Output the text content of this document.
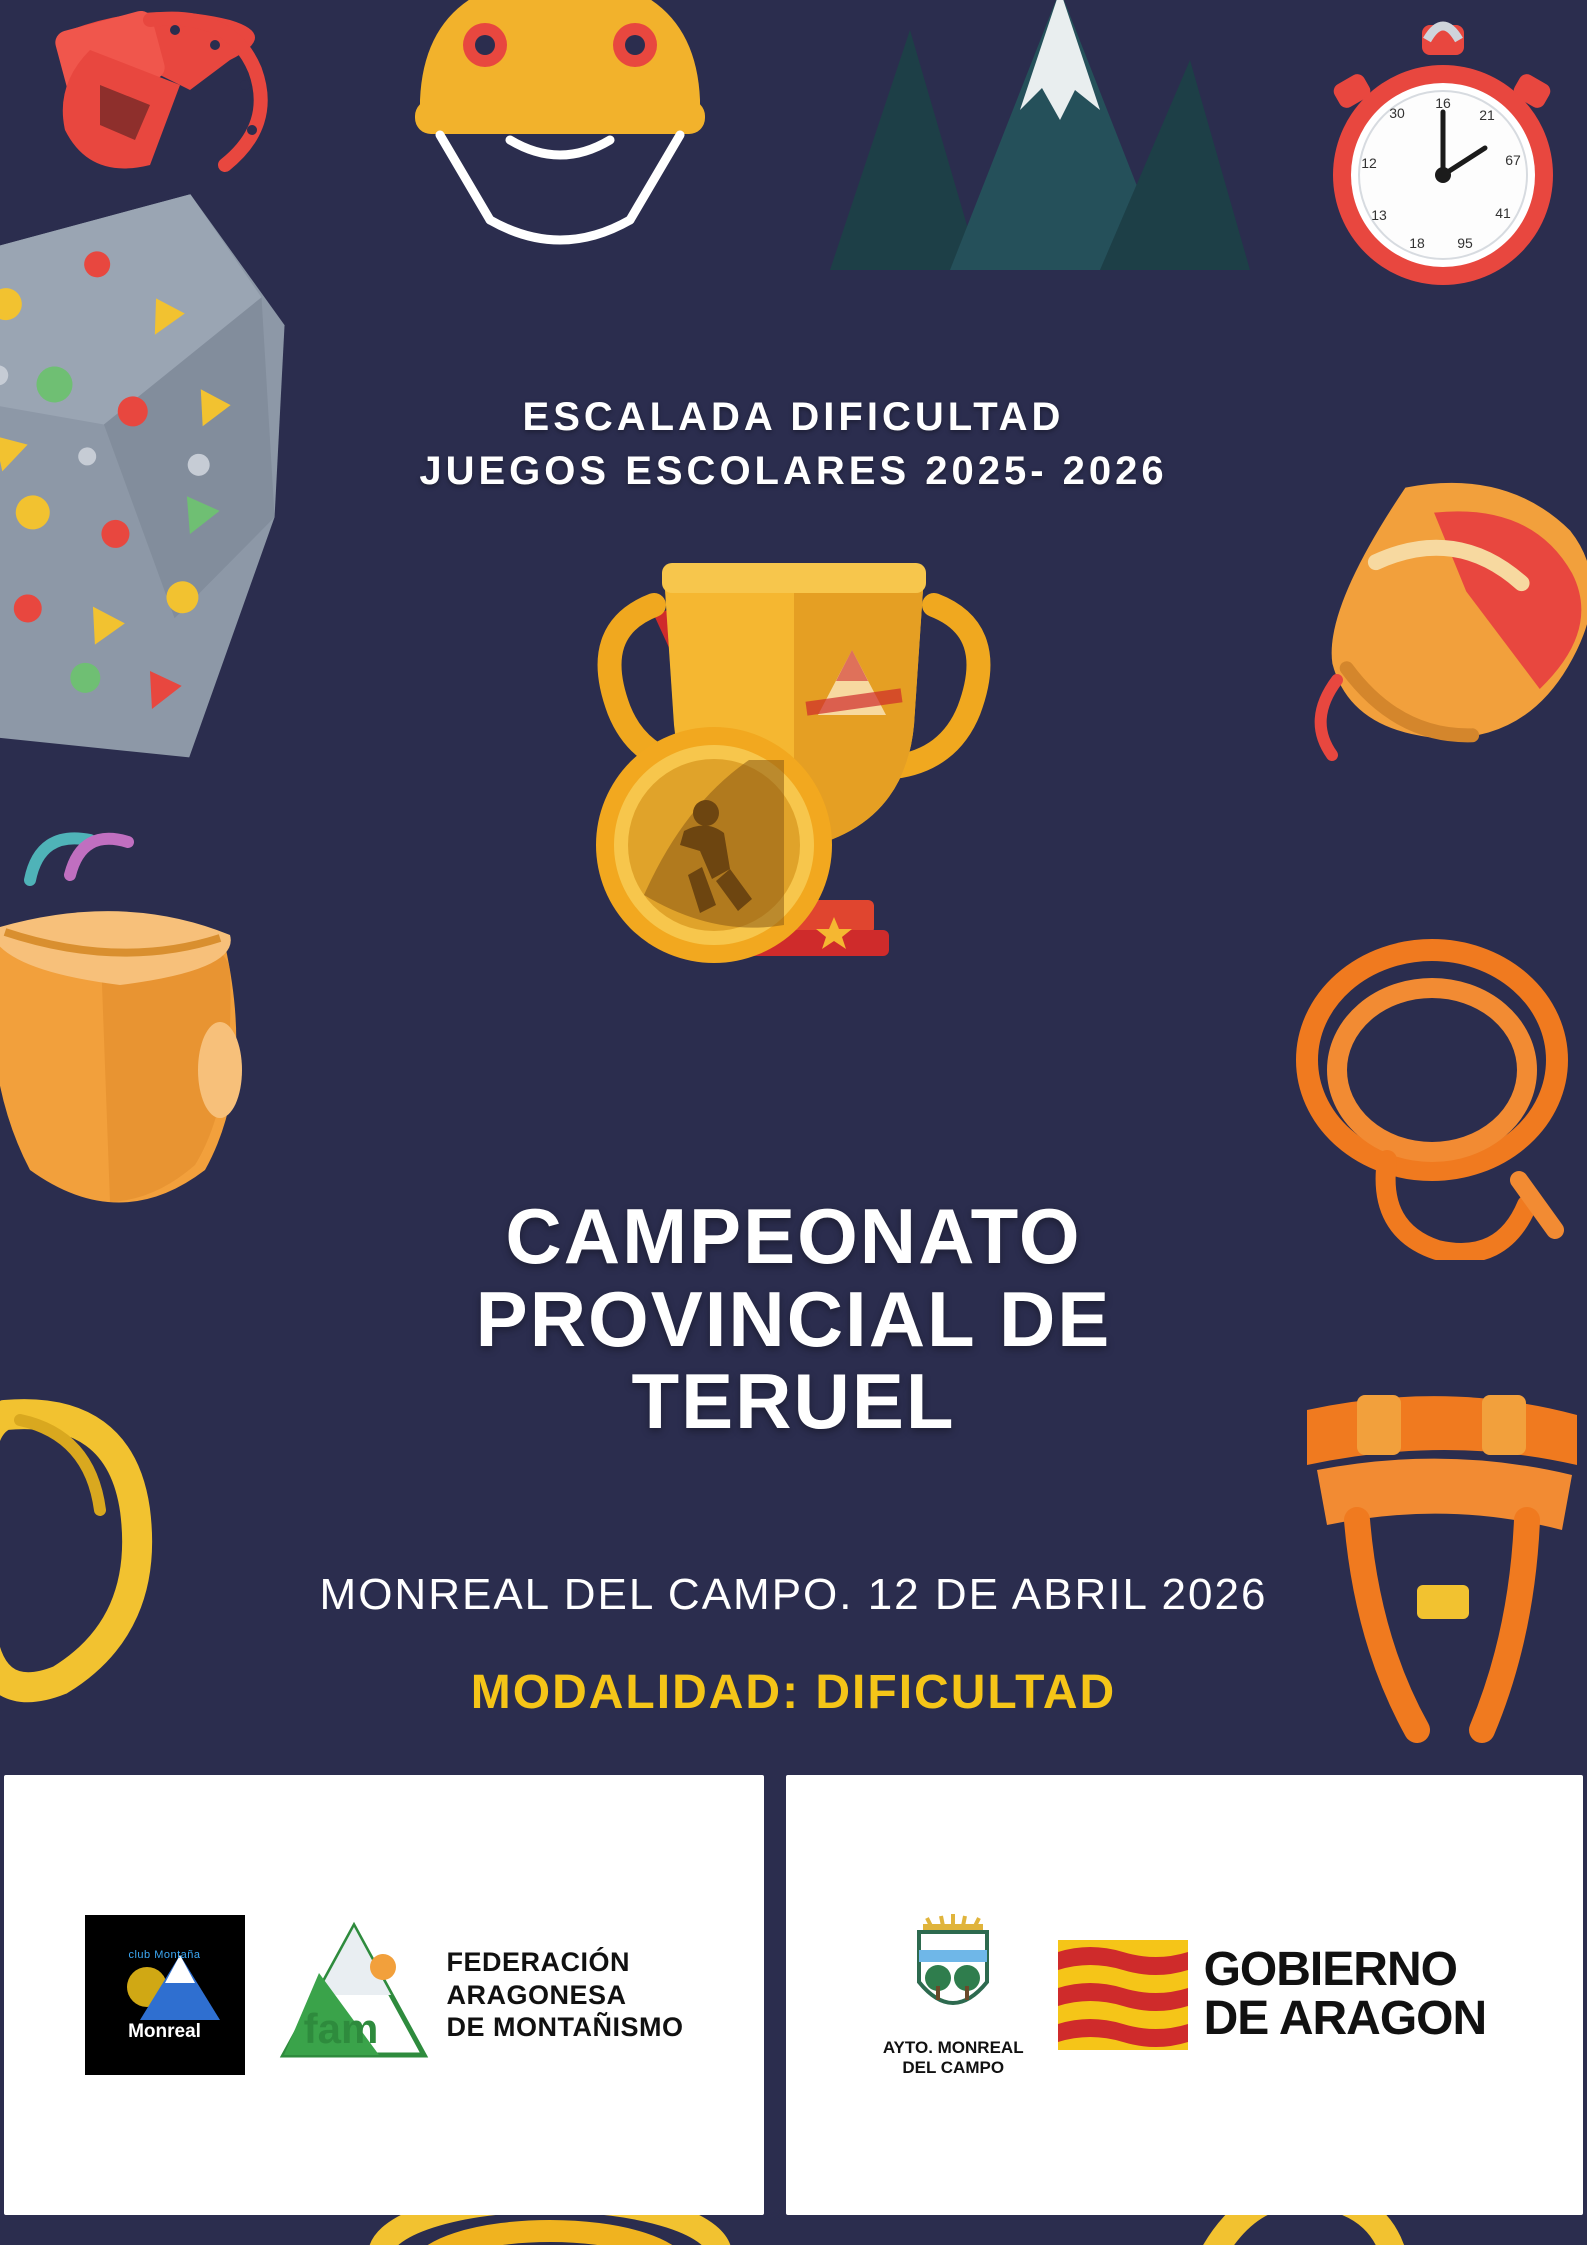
16
21
67
41
95
18
13
12
30
ESCALADA DIFICULTAD
JUEGOS ESCOLARES 2025- 2026
CAMPEONATO
PROVINCIAL DE
TERUEL
MONREAL DEL CAMPO. 12 DE ABRIL 2026
MODALIDAD: DIFICULTAD
club Montaña
Monreal	fam
FEDERACIÓN
ARAGONESA
DE MONTAÑISMO
AYTO. MONREAL
DEL CAMPO
GOBIERNO
DE ARAGON
